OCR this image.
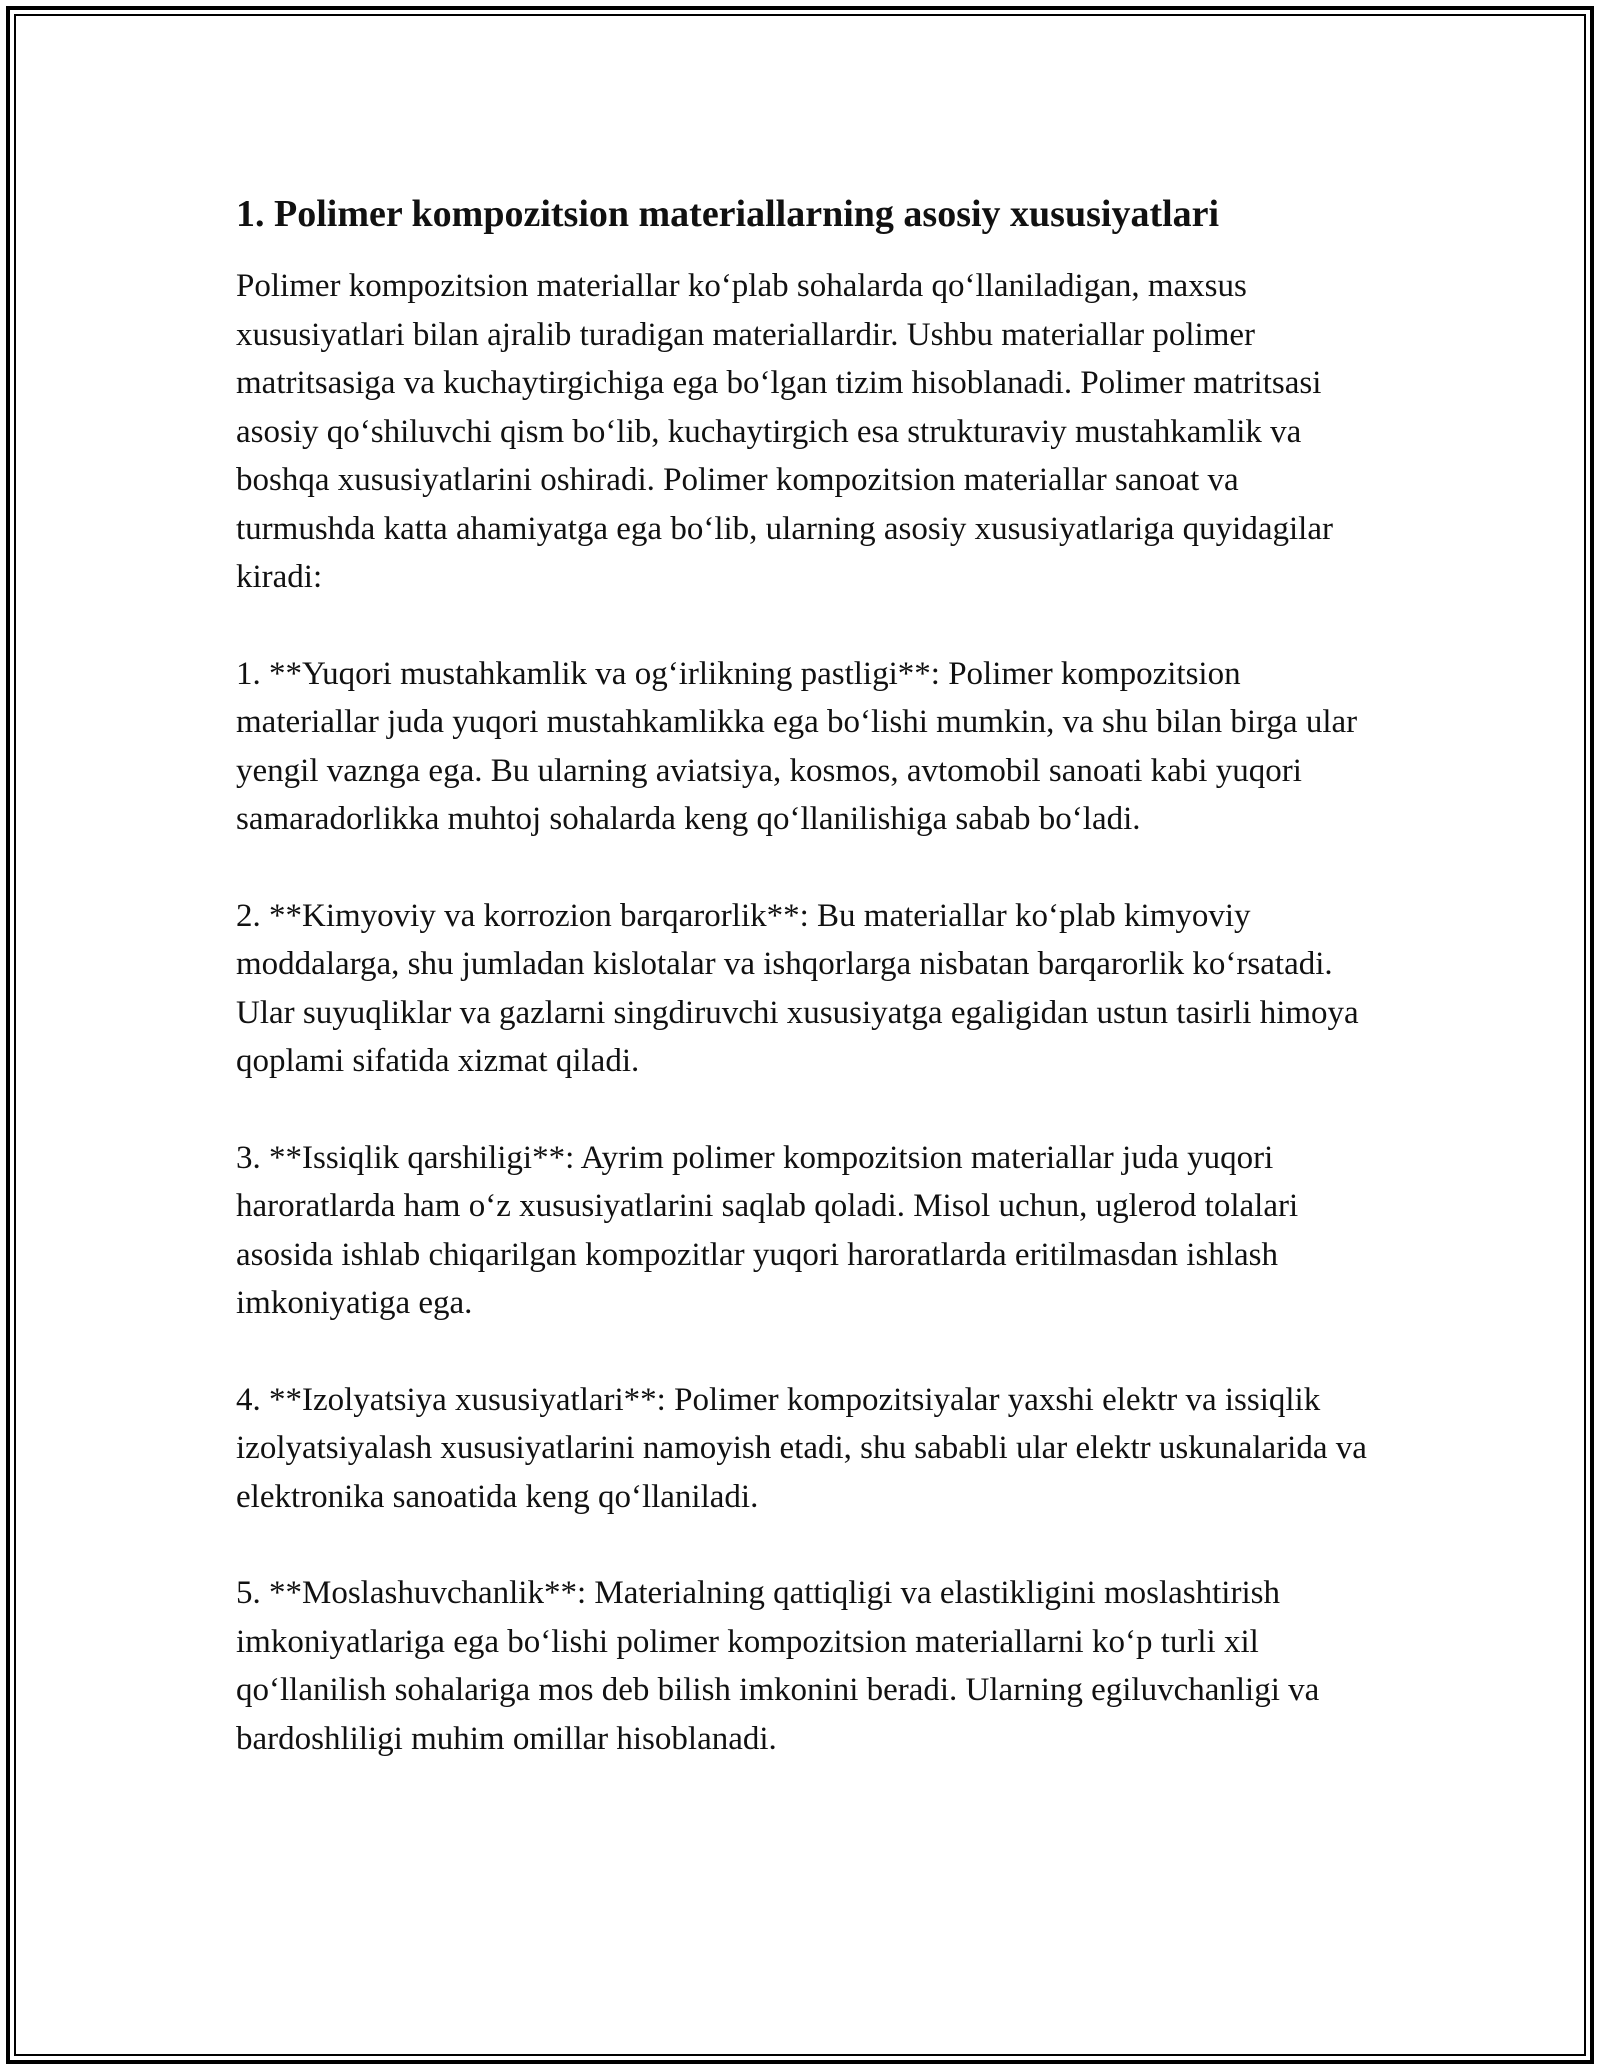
1. Polimer kompozitsion materiallarning asosiy xususiyatlari

Polimer kompozitsion materiallar ko‘plab sohalarda qo‘llaniladigan, maxsus xususiyatlari bilan ajralib turadigan materiallardir. Ushbu materiallar polimer matritsasiga va kuchaytirgichiga ega bo‘lgan tizim hisoblanadi. Polimer matritsasi asosiy qo‘shiluvchi qism bo‘lib, kuchaytirgich esa strukturaviy mustahkamlik va boshqa xususiyatlarini oshiradi. Polimer kompozitsion materiallar sanoat va turmushda katta ahamiyatga ega bo‘lib, ularning asosiy xususiyatlariga quyidagilar kiradi:

1. **Yuqori mustahkamlik va og‘irlikning pastligi**: Polimer kompozitsion materiallar juda yuqori mustahkamlikka ega bo‘lishi mumkin, va shu bilan birga ular yengil vaznga ega. Bu ularning aviatsiya, kosmos, avtomobil sanoati kabi yuqori samaradorlikka muhtoj sohalarda keng qo‘llanilishiga sabab bo‘ladi.

2. **Kimyoviy va korrozion barqarorlik**: Bu materiallar ko‘plab kimyoviy moddalarga, shu jumladan kislotalar va ishqorlarga nisbatan barqarorlik ko‘rsatadi. Ular suyuqliklar va gazlarni singdiruvchi xususiyatga egaligidan ustun tasirli himoya qoplami sifatida xizmat qiladi.

3. **Issiqlik qarshiligi**: Ayrim polimer kompozitsion materiallar juda yuqori haroratlarda ham o‘z xususiyatlarini saqlab qoladi. Misol uchun, uglerod tolalari asosida ishlab chiqarilgan kompozitlar yuqori haroratlarda eritilmasdan ishlash imkoniyatiga ega.

4. **Izolyatsiya xususiyatlari**: Polimer kompozitsiyalar yaxshi elektr va issiqlik izolyatsiyalash xususiyatlarini namoyish etadi, shu sababli ular elektr uskunalarida va elektronika sanoatida keng qo‘llaniladi.

5. **Moslashuvchanlik**: Materialning qattiqligi va elastikligini moslashtirish imkoniyatlariga ega bo‘lishi polimer kompozitsion materiallarni ko‘p turli xil qo‘llanilish sohalariga mos deb bilish imkonini beradi. Ularning egiluvchanligi va bardoshliligi muhim omillar hisoblanadi.
